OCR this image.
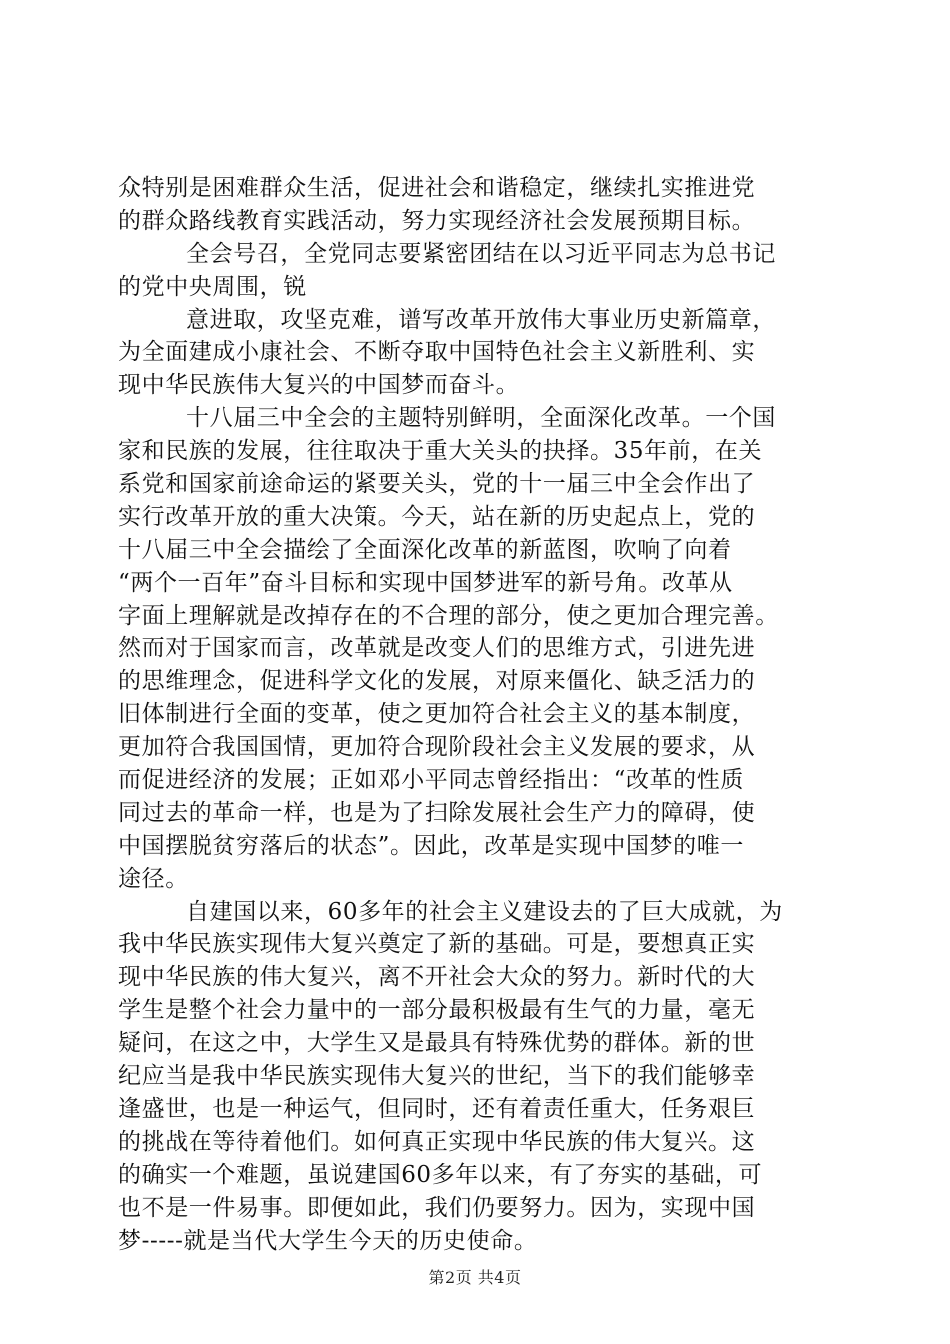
众特别是困难群众生活，促进社会和谐稳定，继续扎实推进党
的群众路线教育实践活动，努力实现经济社会发展预期目标。
全会号召，全党同志要紧密团结在以习近平同志为总书记
的党中央周围，锐
意进取，攻坚克难，谱写改革开放伟大事业历史新篇章，
为全面建成小康社会、不断夺取中国特色社会主义新胜利、实
现中华民族伟大复兴的中国梦而奋斗。
十八届三中全会的主题特别鲜明，全面深化改革。一个国
家和民族的发展，往往取决于重大关头的抉择。35年前，在关
系党和国家前途命运的紧要关头，党的十一届三中全会作出了
实行改革开放的重大决策。今天，站在新的历史起点上，党的
十八届三中全会描绘了全面深化改革的新蓝图，吹响了向着
“两个一百年”奋斗目标和实现中国梦进军的新号角。改革从
字面上理解就是改掉存在的不合理的部分，使之更加合理完善。
然而对于国家而言，改革就是改变人们的思维方式，引进先进
的思维理念，促进科学文化的发展，对原来僵化、缺乏活力的
旧体制进行全面的变革，使之更加符合社会主义的基本制度，
更加符合我国国情，更加符合现阶段社会主义发展的要求，从
而促进经济的发展；正如邓小平同志曾经指出：“改革的性质
同过去的革命一样，也是为了扫除发展社会生产力的障碍，使
中国摆脱贫穷落后的状态”。因此，改革是实现中国梦的唯一
途径。
自建国以来，60多年的社会主义建设去的了巨大成就，为
我中华民族实现伟大复兴奠定了新的基础。可是，要想真正实
现中华民族的伟大复兴，离不开社会大众的努力。新时代的大
学生是整个社会力量中的一部分最积极最有生气的力量，毫无
疑问，在这之中，大学生又是最具有特殊优势的群体。新的世
纪应当是我中华民族实现伟大复兴的世纪，当下的我们能够幸
逢盛世，也是一种运气，但同时，还有着责任重大，任务艰巨
的挑战在等待着他们。如何真正实现中华民族的伟大复兴。这
的确实一个难题，虽说建国60多年以来，有了夯实的基础，可
也不是一件易事。即便如此，我们仍要努力。因为，实现中国
梦-----就是当代大学生今天的历史使命。
第2页 共4页
